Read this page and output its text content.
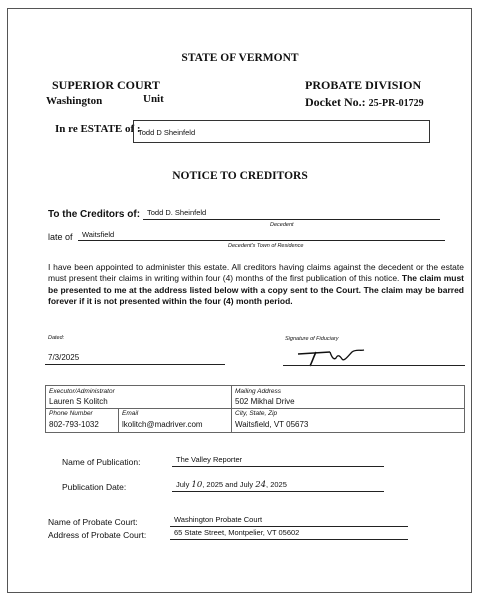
STATE OF VERMONT
SUPERIOR COURT
Washington	Unit
PROBATE DIVISION
Docket No.: 25-PR-01729
In re ESTATE of :
Todd D Sheinfeld
NOTICE TO CREDITORS
To the Creditors of: Todd D. Sheinfeld
Decedent
late of Waitsfield
Decedent's Town of Residence
I have been appointed to administer this estate. All creditors having claims against the decedent or the estate must present their claims in writing within four (4) months of the first publication of this notice. The claim must be presented to me at the address listed below with a copy sent to the Court. The claim may be barred forever if it is not presented within the four (4) month period.
Dated:
7/3/2025
Signature of Fiduciary
Executor/Administrator
Lauren S Kolitch
Mailing Address
502 Mikhal Drive
Phone Number
802-793-1032
Email
lkolitch@madriver.com
City, State, Zip
Waitsfield, VT 05673
Name of Publication:	The Valley Reporter
Publication Date:	July 10, 2025 and July 24, 2025
Name of Probate Court:	Washington Probate Court
Address of Probate Court:	65 State Street, Montpelier, VT 05602
